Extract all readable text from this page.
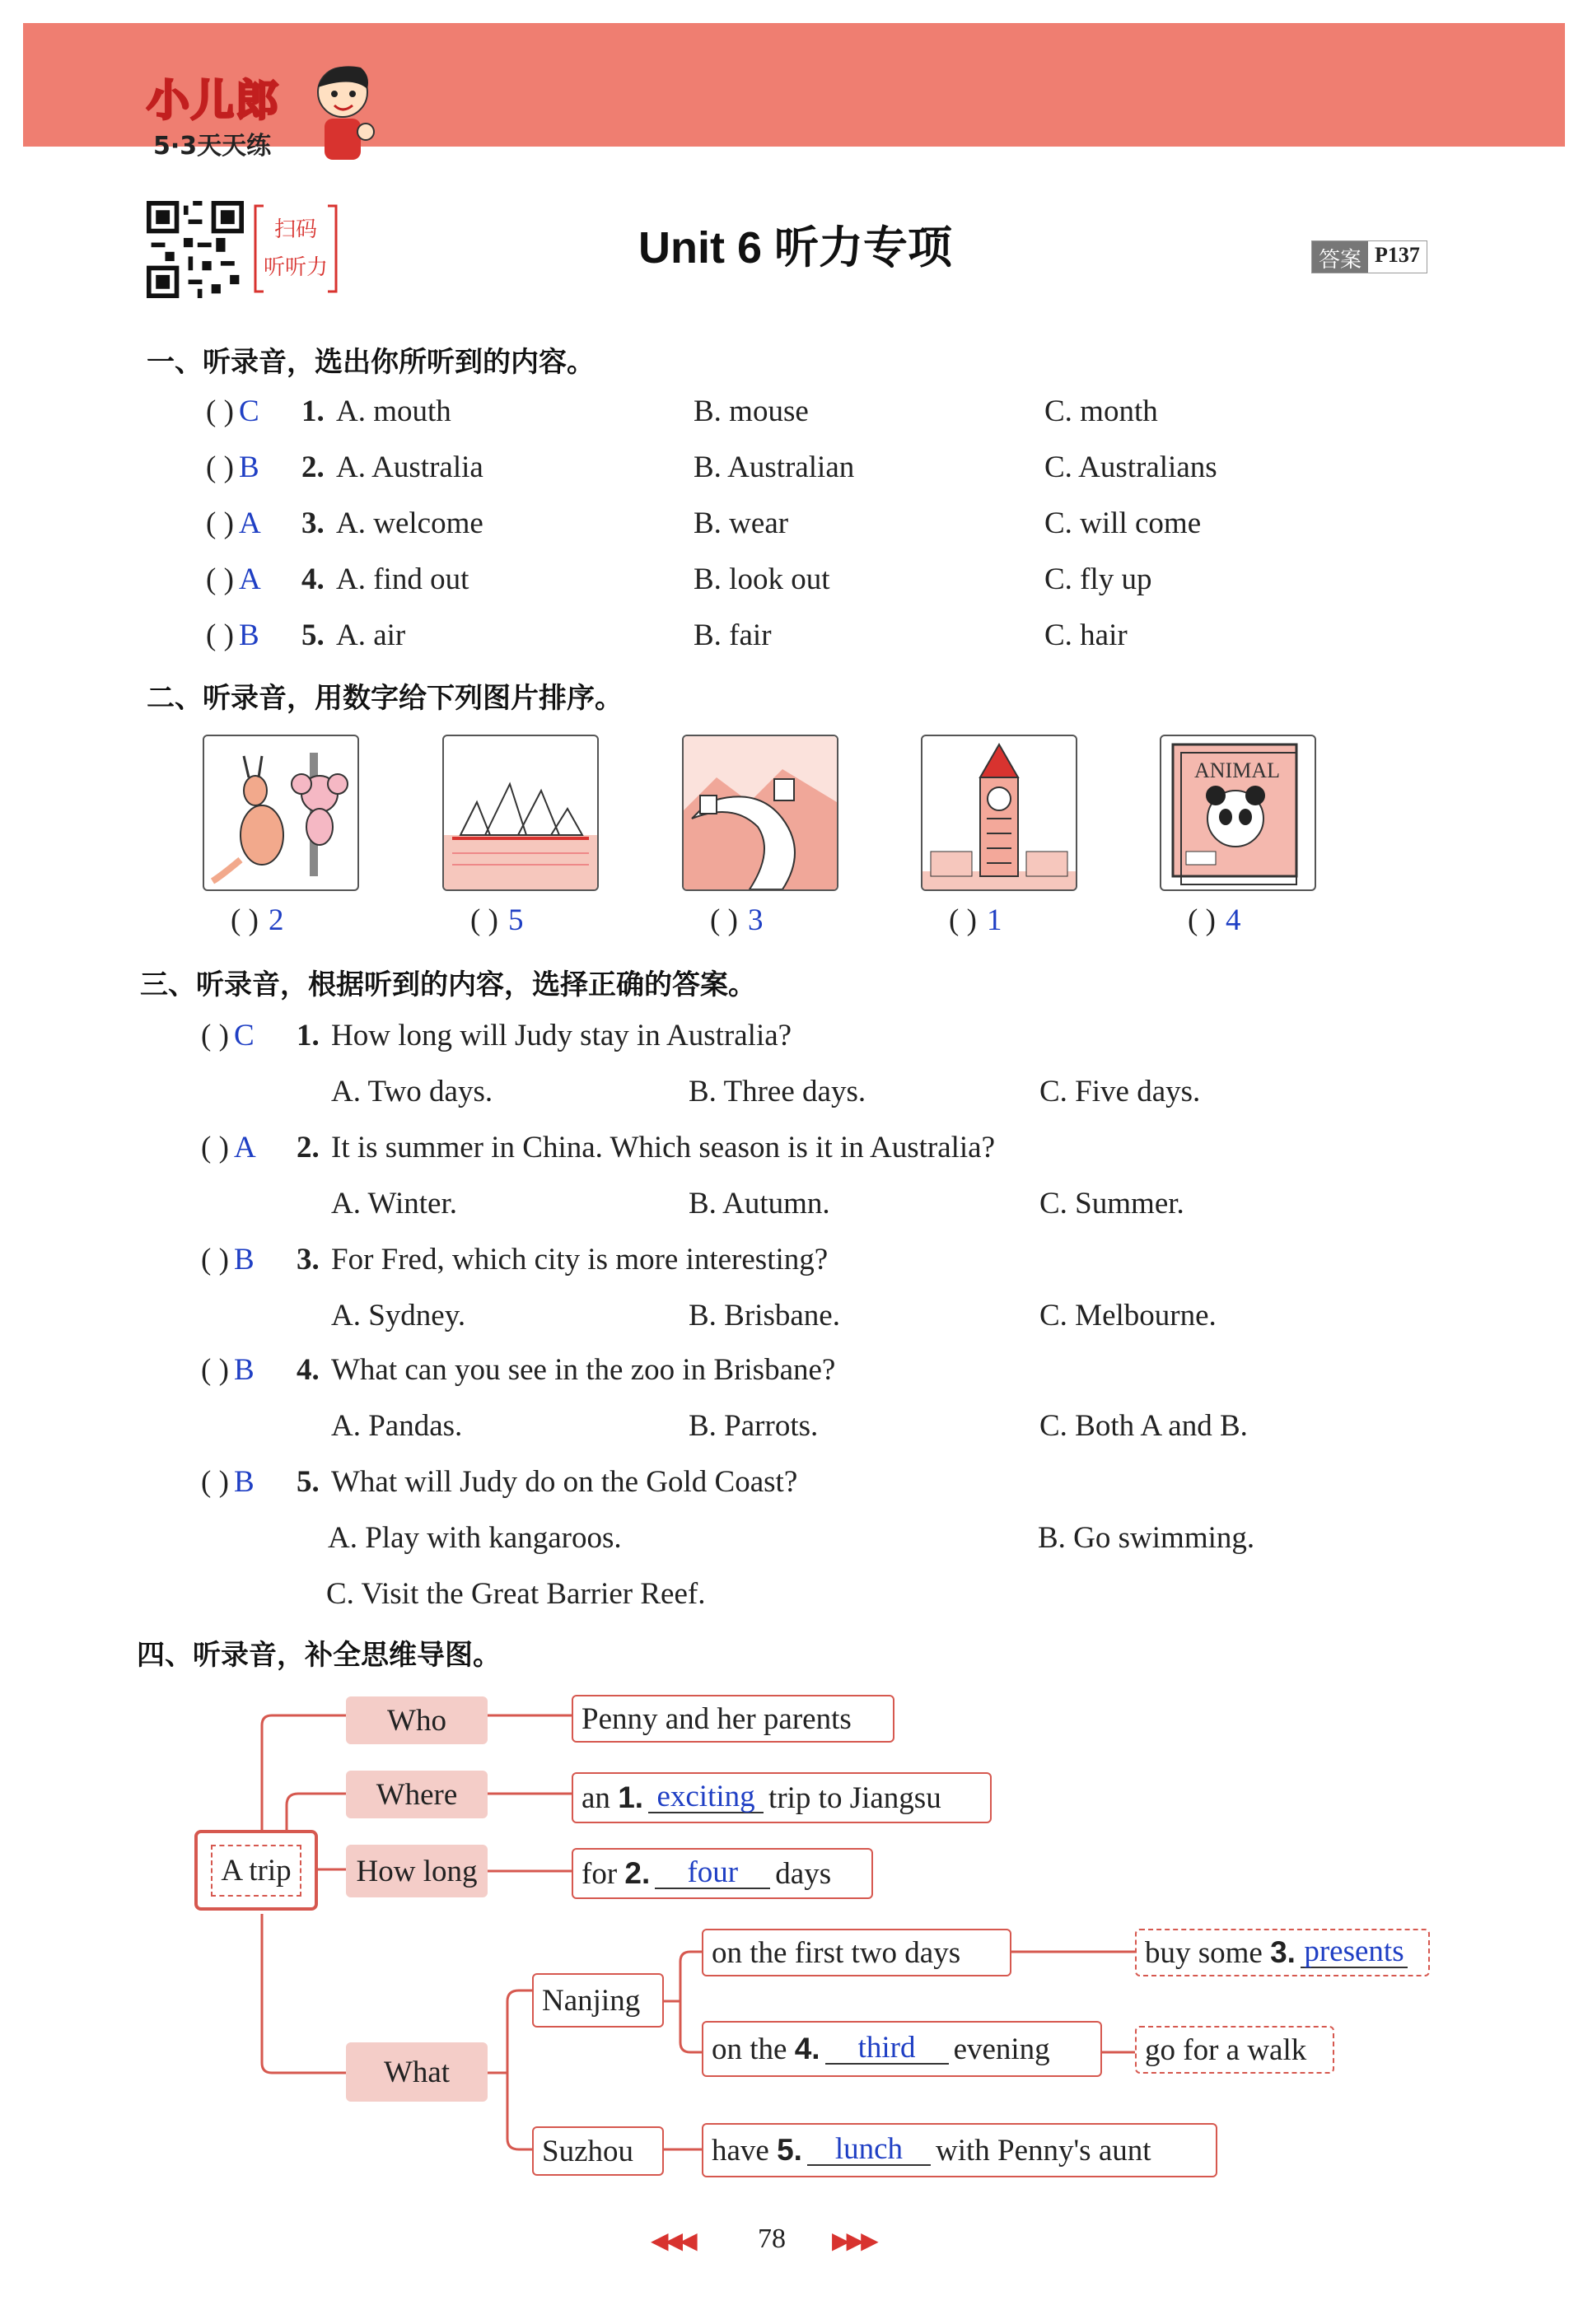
小儿郎
5·3天天练
扫码
听听力	Unit 6 听力专项	答案 P137
一、听录音，选出你所听到的内容。
( ) C 1. A. mouth	B. mouse	C. month
( ) B 2. A. Australia	B. Australian	C. Australians
( ) A 3. A. welcome	B. wear	C. will come
( ) A 4. A. find out	B. look out	C. fly up
( ) B 5. A. air	B. fair	C. hair
二、听录音，用数字给下列图片排序。
ANIMAL
( ) 2	( ) 5	( ) 3	( ) 1	( ) 4
三、听录音，根据听到的内容，选择正确的答案。
( ) C 1. How long will Judy stay in Australia?
A. Two days.	B. Three days.	C. Five days.
( ) A 2. It is summer in China. Which season is it in Australia?
A. Winter.	B. Autumn.	C. Summer.
( ) B 3. For Fred, which city is more interesting?
A. Sydney.	B. Brisbane.	C. Melbourne.
( ) B 4. What can you see in the zoo in Brisbane?
A. Pandas.	B. Parrots.	C. Both A and B.
( ) B 5. What will Judy do on the Gold Coast?
A. Play with kangaroos.	B. Go swimming.
C. Visit the Great Barrier Reef.
四、听录音，补全思维导图。
A trip
Who
Where
How long
What
Penny and her parents
an
1. exciting trip to Jiangsu
for
2.	four	days
Nanjing
Suzhou
on the first two days
on the
4.	third	evening
have
5.	lunch	with Penny's aunt
buy some
3. presents
go for a walk
◀◀◀ 78 ▶▶▶
